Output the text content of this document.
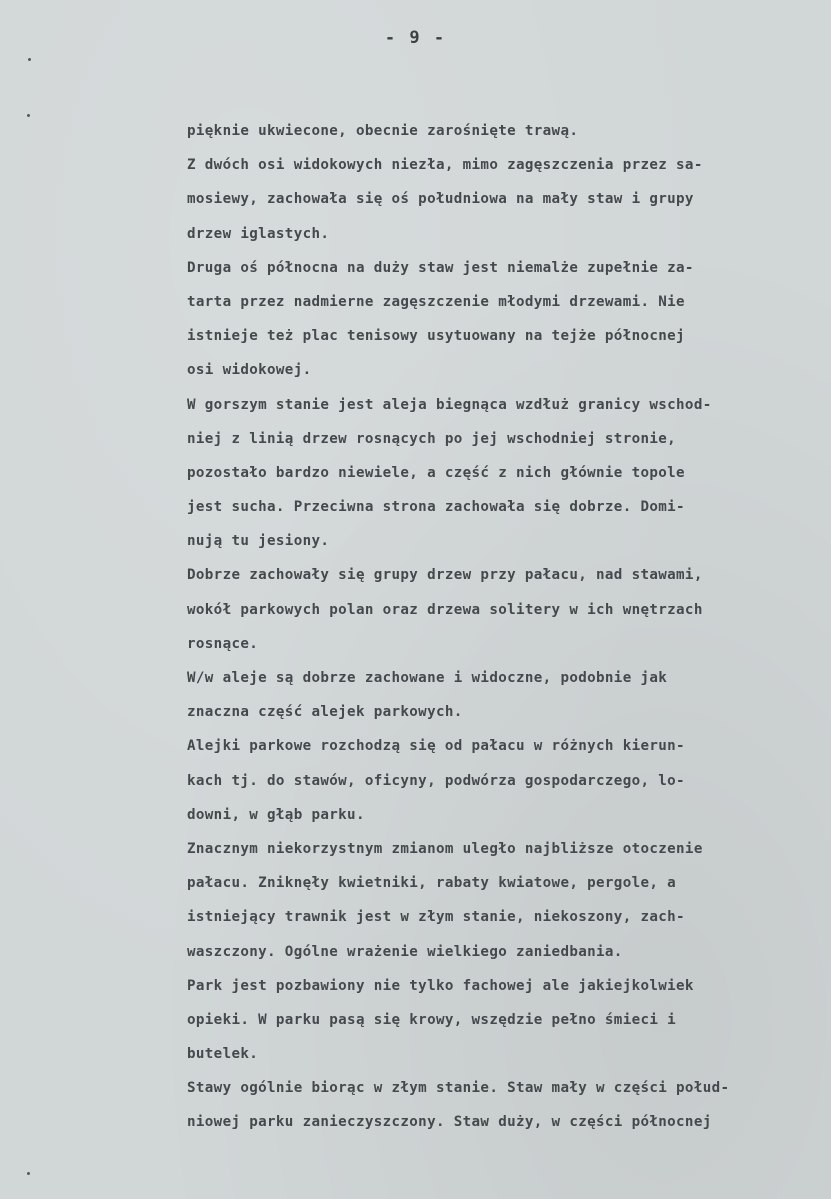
- 9 -
pięknie ukwiecone, obecnie zarośnięte trawą.
Z dwóch osi widokowych niezła, mimo zagęszczenia przez sa-
mosiewy, zachowała się oś południowa na mały staw i grupy
drzew iglastych.
Druga oś północna na duży staw jest niemalże zupełnie za-
tarta przez nadmierne zagęszczenie młodymi drzewami. Nie
istnieje też plac tenisowy usytuowany na tejże północnej
osi widokowej.
W gorszym stanie jest aleja biegnąca wzdłuż granicy wschod-
niej z linią drzew rosnących po jej wschodniej stronie,
pozostało bardzo niewiele, a część z nich głównie topole
jest sucha. Przeciwna strona zachowała się dobrze. Domi-
nują tu jesiony.
Dobrze zachowały się grupy drzew przy pałacu, nad stawami,
wokół parkowych polan oraz drzewa solitery w ich wnętrzach
rosnące.
W/w aleje są dobrze zachowane i widoczne, podobnie jak
znaczna część alejek parkowych.
Alejki parkowe rozchodzą się od pałacu w różnych kierun-
kach tj. do stawów, oficyny, podwórza gospodarczego, lo-
downi, w głąb parku.
Znacznym niekorzystnym zmianom uległo najbliższe otoczenie
pałacu. Zniknęły kwietniki, rabaty kwiatowe, pergole, a
istniejący trawnik jest w złym stanie, niekoszony, zach-
waszczony. Ogólne wrażenie wielkiego zaniedbania.
Park jest pozbawiony nie tylko fachowej ale jakiejkolwiek
opieki. W parku pasą się krowy, wszędzie pełno śmieci i
butelek.
Stawy ogólnie biorąc w złym stanie. Staw mały w części połud-
niowej parku zanieczyszczony. Staw duży, w części północnej
